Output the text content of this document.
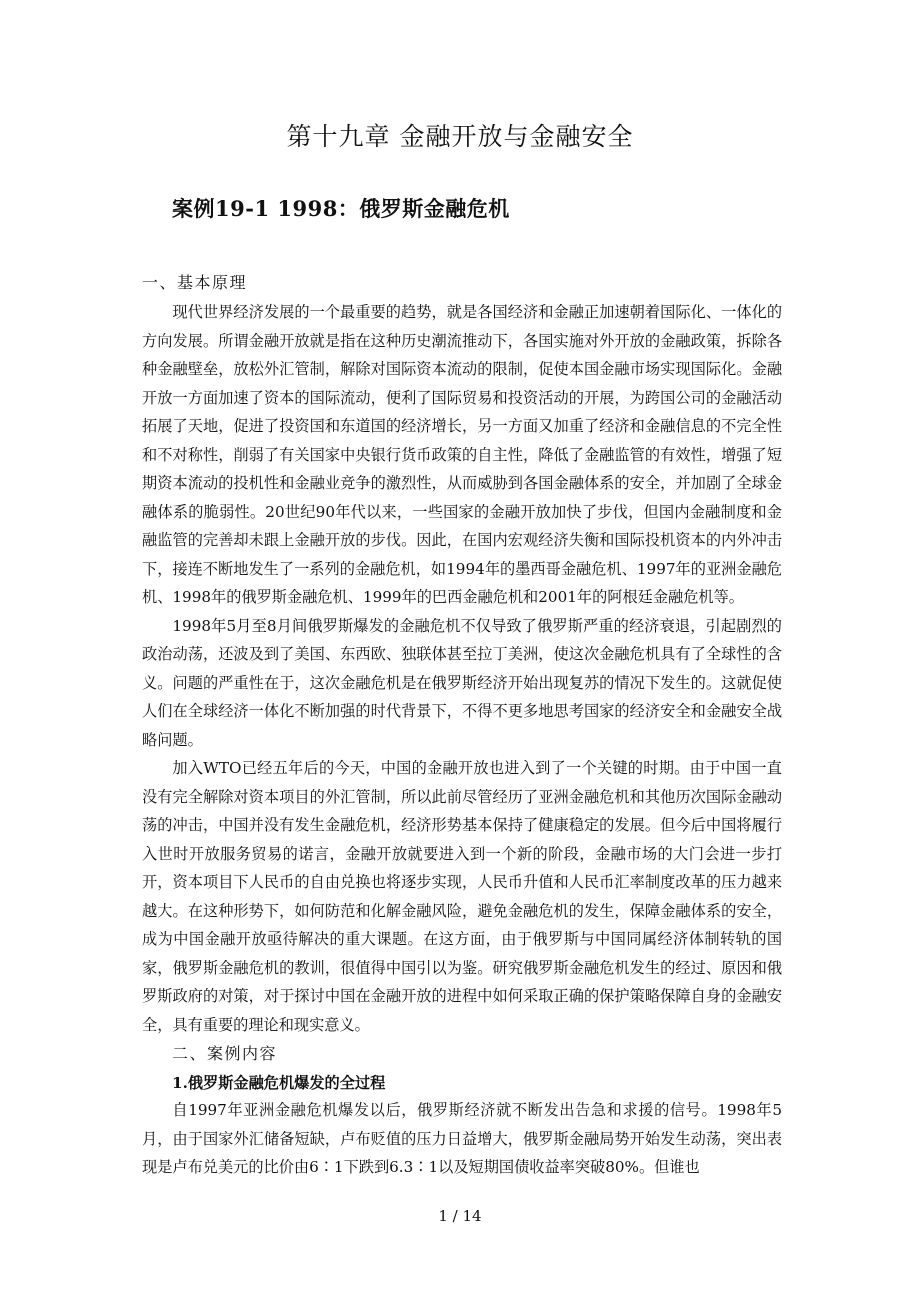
第十九章 金融开放与金融安全
案例19-1 1998：俄罗斯金融危机
一、基本原理

现代世界经济发展的一个最重要的趋势，就是各国经济和金融正加速朝着国际化、一体化的方向发展。所谓金融开放就是指在这种历史潮流推动下，各国实施对外开放的金融政策，拆除各种金融壁垒，放松外汇管制，解除对国际资本流动的限制，促使本国金融市场实现国际化。金融开放一方面加速了资本的国际流动，便利了国际贸易和投资活动的开展，为跨国公司的金融活动拓展了天地，促进了投资国和东道国的经济增长，另一方面又加重了经济和金融信息的不完全性和不对称性，削弱了有关国家中央银行货币政策的自主性，降低了金融监管的有效性，增强了短期资本流动的投机性和金融业竞争的激烈性，从而威胁到各国金融体系的安全，并加剧了全球金融体系的脆弱性。20世纪90年代以来，一些国家的金融开放加快了步伐，但国内金融制度和金融监管的完善却未跟上金融开放的步伐。因此，在国内宏观经济失衡和国际投机资本的内外冲击下，接连不断地发生了一系列的金融危机，如1994年的墨西哥金融危机、1997年的亚洲金融危机、1998年的俄罗斯金融危机、1999年的巴西金融危机和2001年的阿根廷金融危机等。

1998年5月至8月间俄罗斯爆发的金融危机不仅导致了俄罗斯严重的经济衰退，引起剧烈的政治动荡，还波及到了美国、东西欧、独联体甚至拉丁美洲，使这次金融危机具有了全球性的含义。问题的严重性在于，这次金融危机是在俄罗斯经济开始出现复苏的情况下发生的。这就促使人们在全球经济一体化不断加强的时代背景下，不得不更多地思考国家的经济安全和金融安全战略问题。

加入WTO已经五年后的今天，中国的金融开放也进入到了一个关键的时期。由于中国一直没有完全解除对资本项目的外汇管制，所以此前尽管经历了亚洲金融危机和其他历次国际金融动荡的冲击，中国并没有发生金融危机，经济形势基本保持了健康稳定的发展。但今后中国将履行入世时开放服务贸易的诺言，金融开放就要进入到一个新的阶段，金融市场的大门会进一步打开，资本项目下人民币的自由兑换也将逐步实现，人民币升值和人民币汇率制度改革的压力越来越大。在这种形势下，如何防范和化解金融风险，避免金融危机的发生，保障金融体系的安全，成为中国金融开放亟待解决的重大课题。在这方面，由于俄罗斯与中国同属经济体制转轨的国家，俄罗斯金融危机的教训，很值得中国引以为鉴。研究俄罗斯金融危机发生的经过、原因和俄罗斯政府的对策，对于探讨中国在金融开放的进程中如何采取正确的保护策略保障自身的金融安全，具有重要的理论和现实意义。

二、案例内容
1.俄罗斯金融危机爆发的全过程

自1997年亚洲金融危机爆发以后，俄罗斯经济就不断发出告急和求援的信号。1998年5月，由于国家外汇储备短缺，卢布贬值的压力日益增大，俄罗斯金融局势开始发生动荡，突出表现是卢布兑美元的比价由6∶1下跌到6.3∶1以及短期国债收益率突破80%。但谁也

1 / 14
